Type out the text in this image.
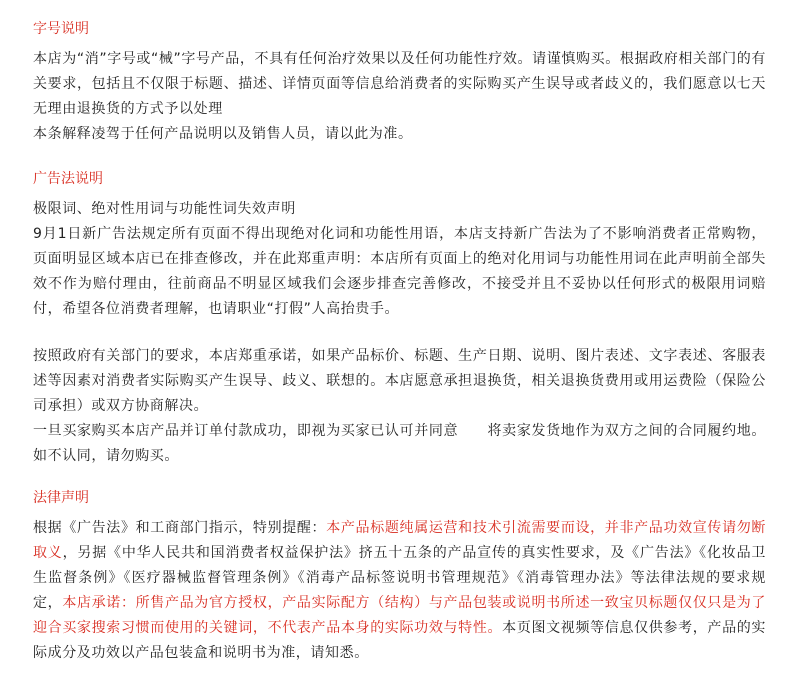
字号说明

本店为“消”字号或“械”字号产品，不具有任何治疗效果以及任何功能性疗效。请谨慎购买。根据政府相关部门的有关要求，包括且不仅限于标题、描述、详情页面等信息给消费者的实际购买产生误导或者歧义的，我们愿意以七天无理由退换货的方式予以处理

本条解释凌驾于任何产品说明以及销售人员，请以此为准。

广告法说明

极限词、绝对性用词与功能性词失效声明

9月1日新广告法规定所有页面不得出现绝对化词和功能性用语，本店支持新广告法为了不影响消费者正常购物，页面明显区域本店已在排查修改，并在此郑重声明：本店所有页面上的绝对化用词与功能性用词在此声明前全部失效不作为赔付理由，往前商品不明显区域我们会逐步排查完善修改，不接受并且不妥协以任何形式的极限用词赔付，希望各位消费者理解，也请职业“打假”人高抬贵手。

按照政府有关部门的要求，本店郑重承诺，如果产品标价、标题、生产日期、说明、图片表述、文字表述、客服表述等因素对消费者实际购买产生误导、歧义、联想的。本店愿意承担退换货，相关退换货费用或用运费险（保险公司承担）或双方协商解决。

一旦买家购买本店产品并订单付款成功，即视为买家已认可并同意　　将卖家发货地作为双方之间的合同履约地。如不认同，请勿购买。

法律声明

根据《广告法》和工商部门指示，特别提醒：本产品标题纯属运营和技术引流需要而设，并非产品功效宣传请勿断取义，另据《中华人民共和国消费者权益保护法》挤五十五条的产品宣传的真实性要求，及《广告法》《化妆品卫生监督条例》《医疗器械监督管理条例》《消毒产品标签说明书管理规范》《消毒管理办法》等法律法规的要求规定，本店承诺：所售产品为官方授权，产品实际配方（结构）与产品包装或说明书所述一致宝贝标题仅仅只是为了迎合买家搜索习惯而使用的关键词，不代表产品本身的实际功效与特性。本页图文视频等信息仅供参考，产品的实际成分及功效以产品包装盒和说明书为准，请知悉。
